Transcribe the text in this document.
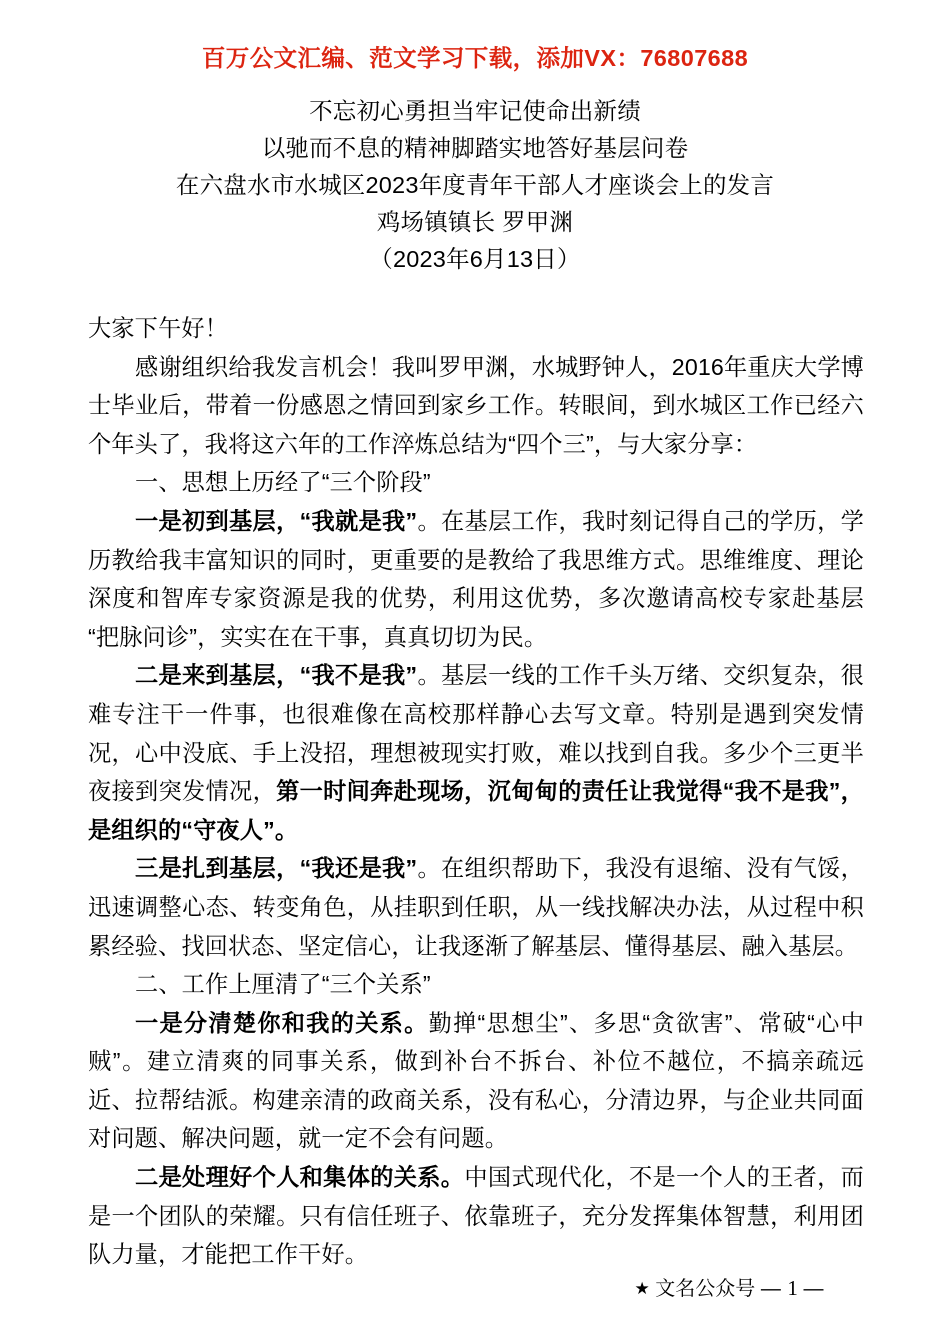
百万公文汇编、范文学习下载，添加VX：76807688
不忘初心勇担当牢记使命出新绩
以驰而不息的精神脚踏实地答好基层问卷
在六盘水市水城区2023年度青年干部人才座谈会上的发言
鸡场镇镇长 罗甲渊
（2023年6月13日）

大家下午好！

感谢组织给我发言机会！我叫罗甲渊，水城野钟人，2016年重庆大学博士毕业后，带着一份感恩之情回到家乡工作。转眼间，到水城区工作已经六个年头了，我将这六年的工作淬炼总结为“四个三”，与大家分享：

一、思想上历经了“三个阶段”

一是初到基层，“我就是我”。在基层工作，我时刻记得自己的学历，学历教给我丰富知识的同时，更重要的是教给了我思维方式。思维维度、理论深度和智库专家资源是我的优势，利用这优势，多次邀请高校专家赴基层“把脉问诊”，实实在在干事，真真切切为民。

二是来到基层，“我不是我”。基层一线的工作千头万绪、交织复杂，很难专注干一件事，也很难像在高校那样静心去写文章。特别是遇到突发情况，心中没底、手上没招，理想被现实打败，难以找到自我。多少个三更半夜接到突发情况，第一时间奔赴现场，沉甸甸的责任让我觉得“我不是我”，是组织的“守夜人”。

三是扎到基层，“我还是我”。在组织帮助下，我没有退缩、没有气馁，迅速调整心态、转变角色，从挂职到任职，从一线找解决办法，从过程中积累经验、找回状态、坚定信心，让我逐渐了解基层、懂得基层、融入基层。

二、工作上厘清了“三个关系”

一是分清楚你和我的关系。勤掸“思想尘”、多思“贪欲害”、常破“心中贼”。建立清爽的同事关系，做到补台不拆台、补位不越位，不搞亲疏远近、拉帮结派。构建亲清的政商关系，没有私心，分清边界，与企业共同面对问题、解决问题，就一定不会有问题。

二是处理好个人和集体的关系。中国式现代化，不是一个人的王者，而是一个团队的荣耀。只有信任班子、依靠班子，充分发挥集体智慧，利用团队力量，才能把工作干好。

★ 文名公众号 — 1 —
